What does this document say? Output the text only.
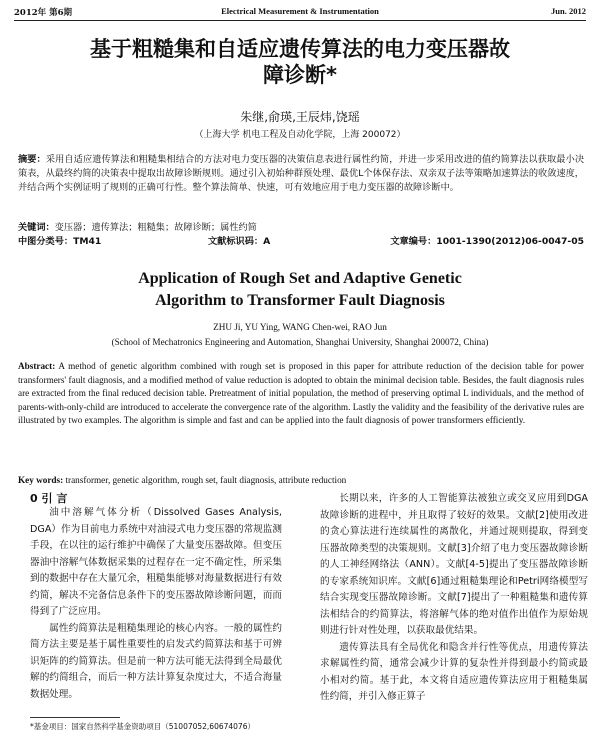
2012年 第6期	Electrical Measurement & Instrumentation	Jun. 2012
基于粗糙集和自适应遗传算法的电力变压器故障诊断*
朱继,俞瑛,王辰炜,饶瑶
（上海大学 机电工程及自动化学院，上海 200072）
摘要：采用自适应遗传算法和粗糙集相结合的方法对电力变压器的决策信息表进行属性约简，并进一步采用改进的值约简算法以获取最小决策表，从最终约简的决策表中提取出故障诊断规则。通过引入初始种群预处理、最优L个体保存法、双亲双子法等策略加速算法的收敛速度，并结合两个实例证明了规则的正确可行性。整个算法简单、快速，可有效地应用于电力变压器的故障诊断中。
关键词：变压器；遗传算法；粗糙集；故障诊断；属性约简
中图分类号：TM41	文献标识码：A	文章编号：1001-1390(2012)06-0047-05
Application of Rough Set and Adaptive Genetic Algorithm to Transformer Fault Diagnosis
ZHU Ji, YU Ying, WANG Chen-wei, RAO Jun
(School of Mechatronics Engineering and Automation, Shanghai University, Shanghai 200072, China)
Abstract: A method of genetic algorithm combined with rough set is proposed in this paper for attribute reduction of the decision table for power transformers' fault diagnosis, and a modified method of value reduction is adopted to obtain the minimal decision table. Besides, the fault diagnosis rules are extracted from the final reduced decision table. Pretreatment of initial population, the method of preserving optimal L individuals, and the method of parents-with-only-child are introduced to accelerate the convergence rate of the algorithm. Lastly the validity and the feasibility of the derivative rules are illustrated by two examples. The algorithm is simple and fast and can be applied into the fault diagnosis of power transformers efficiently.
Key words: transformer, genetic algorithm, rough set, fault diagnosis, attribute reduction
0 引 言

油中溶解气体分析（Dissolved Gases Analysis, DGA）作为目前电力系统中对油浸式电力变压器的常规监测手段，在以往的运行维护中确保了大量变压器故障。但变压器油中溶解气体数据采集的过程存在一定不确定性，所采集到的数据中存在大量冗余，粗糙集能够对海量数据进行有效约简，解决不完备信息条件下的变压器故障诊断问题，而而得到了广泛应用。

属性约简算法是粗糙集理论的核心内容。一般的属性约简方法主要是基于属性重要性的启发式约简算法和基于可辨识矩阵的约简算法。但是前一种方法可能无法得到全局最优解的约简组合，而后一种方法计算复杂度过大，不适合海量数据处理。

长期以来，许多的人工智能算法被独立或交叉应用到DGA故障诊断的进程中，并且取得了较好的效果。文献[2]使用改进的贪心算法进行连续属性的离散化，并通过规则提取，得到变压器故障类型的决策规则。文献[3]介绍了电力变压器故障诊断的人工神经网络法（ANN）。文献[4-5]提出了变压器故障诊断的专家系统知识库。文献[6]通过粗糙集理论和Petri网络模型写结合实现变压器故障诊断。文献[7]提出了一种粗糙集和遗传算法相结合的约简算法，将溶解气体的绝对值作出值作为原始规则进行针对性处理，以获取最优结果。

遗传算法具有全局优化和隐含并行性等优点，用遗传算法求解属性约简，通常会减少计算的复杂性并得到最小约简或最小相对约简。基于此，本文将自适应遗传算法应用于粗糙集属性约简，并引入修正算子

*基金项目：国家自然科学基金资助项目（51007052,60674076）
